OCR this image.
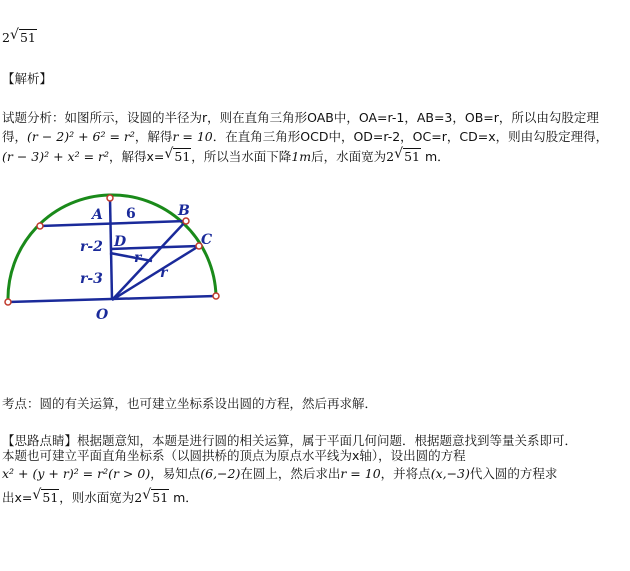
2 √ 51
【解析】
试题分析：如图所示，设圆的半径为r，则在直角三角形OAB中，OA=r-1，AB=3，OB=r，所以由勾股定理
得，(r − 2)² + 6² = r²，解得r = 10．在直角三角形OCD中，OD=r-2，OC=r，CD=x，则由勾股定理得，
(r − 3)² + x² = r²，解得x= √ 51，所以当水面下降1m后，水面宽为2 √ 51 m．
A	B
C
D
O
6
r-2
r-3
r
r
考点：圆的有关运算，也可建立坐标系设出圆的方程，然后再求解．
【思路点睛】根据题意知，本题是进行圆的相关运算，属于平面几何问题．根据题意找到等量关系即可．
本题也可建立平面直角坐标系（以圆拱桥的顶点为原点水平线为x轴），设出圆的方程
x² + (y + r)² = r²(r > 0)，易知点(6,−2)在圆上，然后求出r = 10，并将点(x,−3)代入圆的方程求
出x= √ 51，则水面宽为2 √ 51 m．
